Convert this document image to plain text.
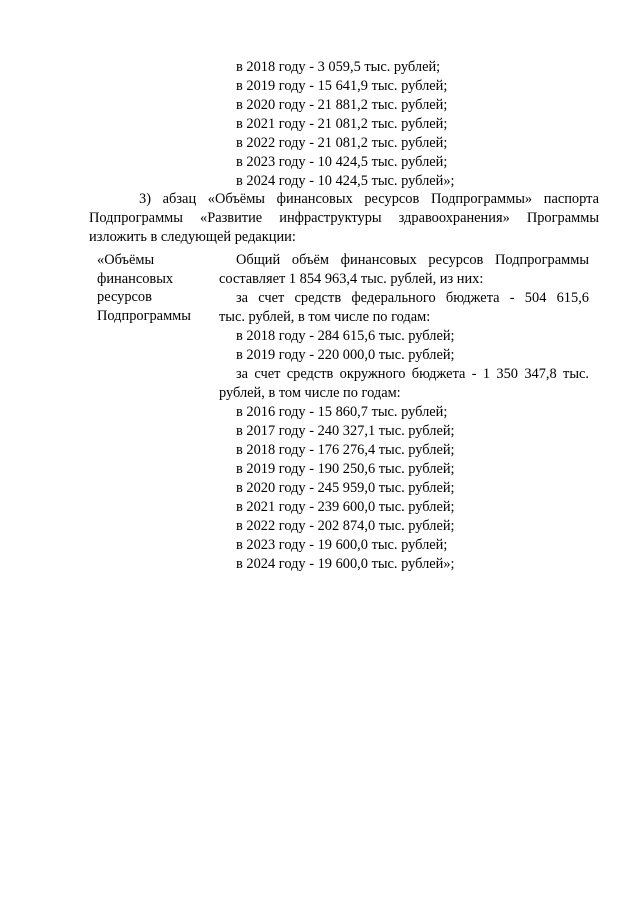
в 2018 году - 3 059,5 тыс. рублей;
в 2019 году - 15 641,9 тыс. рублей;
в 2020 году - 21 881,2 тыс. рублей;
в 2021 году - 21 081,2 тыс. рублей;
в 2022 году - 21 081,2 тыс. рублей;
в 2023 году - 10 424,5 тыс. рублей;
в 2024 году - 10 424,5 тыс. рублей»;
3) абзац «Объёмы финансовых ресурсов Подпрограммы» паспорта
Подпрограммы «Развитие инфраструктуры здравоохранения» Программы
изложить в следующей редакции:
«Объёмы
финансовых
ресурсов
Подпрограммы
Общий объём финансовых ресурсов Подпрограммы
составляет 1 854 963,4 тыс. рублей, из них:
за счет средств федерального бюджета - 504 615,6
тыс. рублей, в том числе по годам:
в 2018 году - 284 615,6 тыс. рублей;
в 2019 году - 220 000,0 тыс. рублей;
за счет средств окружного бюджета - 1 350 347,8 тыс.
рублей, в том числе по годам:
в 2016 году - 15 860,7 тыс. рублей;
в 2017 году - 240 327,1 тыс. рублей;
в 2018 году - 176 276,4 тыс. рублей;
в 2019 году - 190 250,6 тыс. рублей;
в 2020 году - 245 959,0 тыс. рублей;
в 2021 году - 239 600,0 тыс. рублей;
в 2022 году - 202 874,0 тыс. рублей;
в 2023 году - 19 600,0 тыс. рублей;
в 2024 году - 19 600,0 тыс. рублей»;
